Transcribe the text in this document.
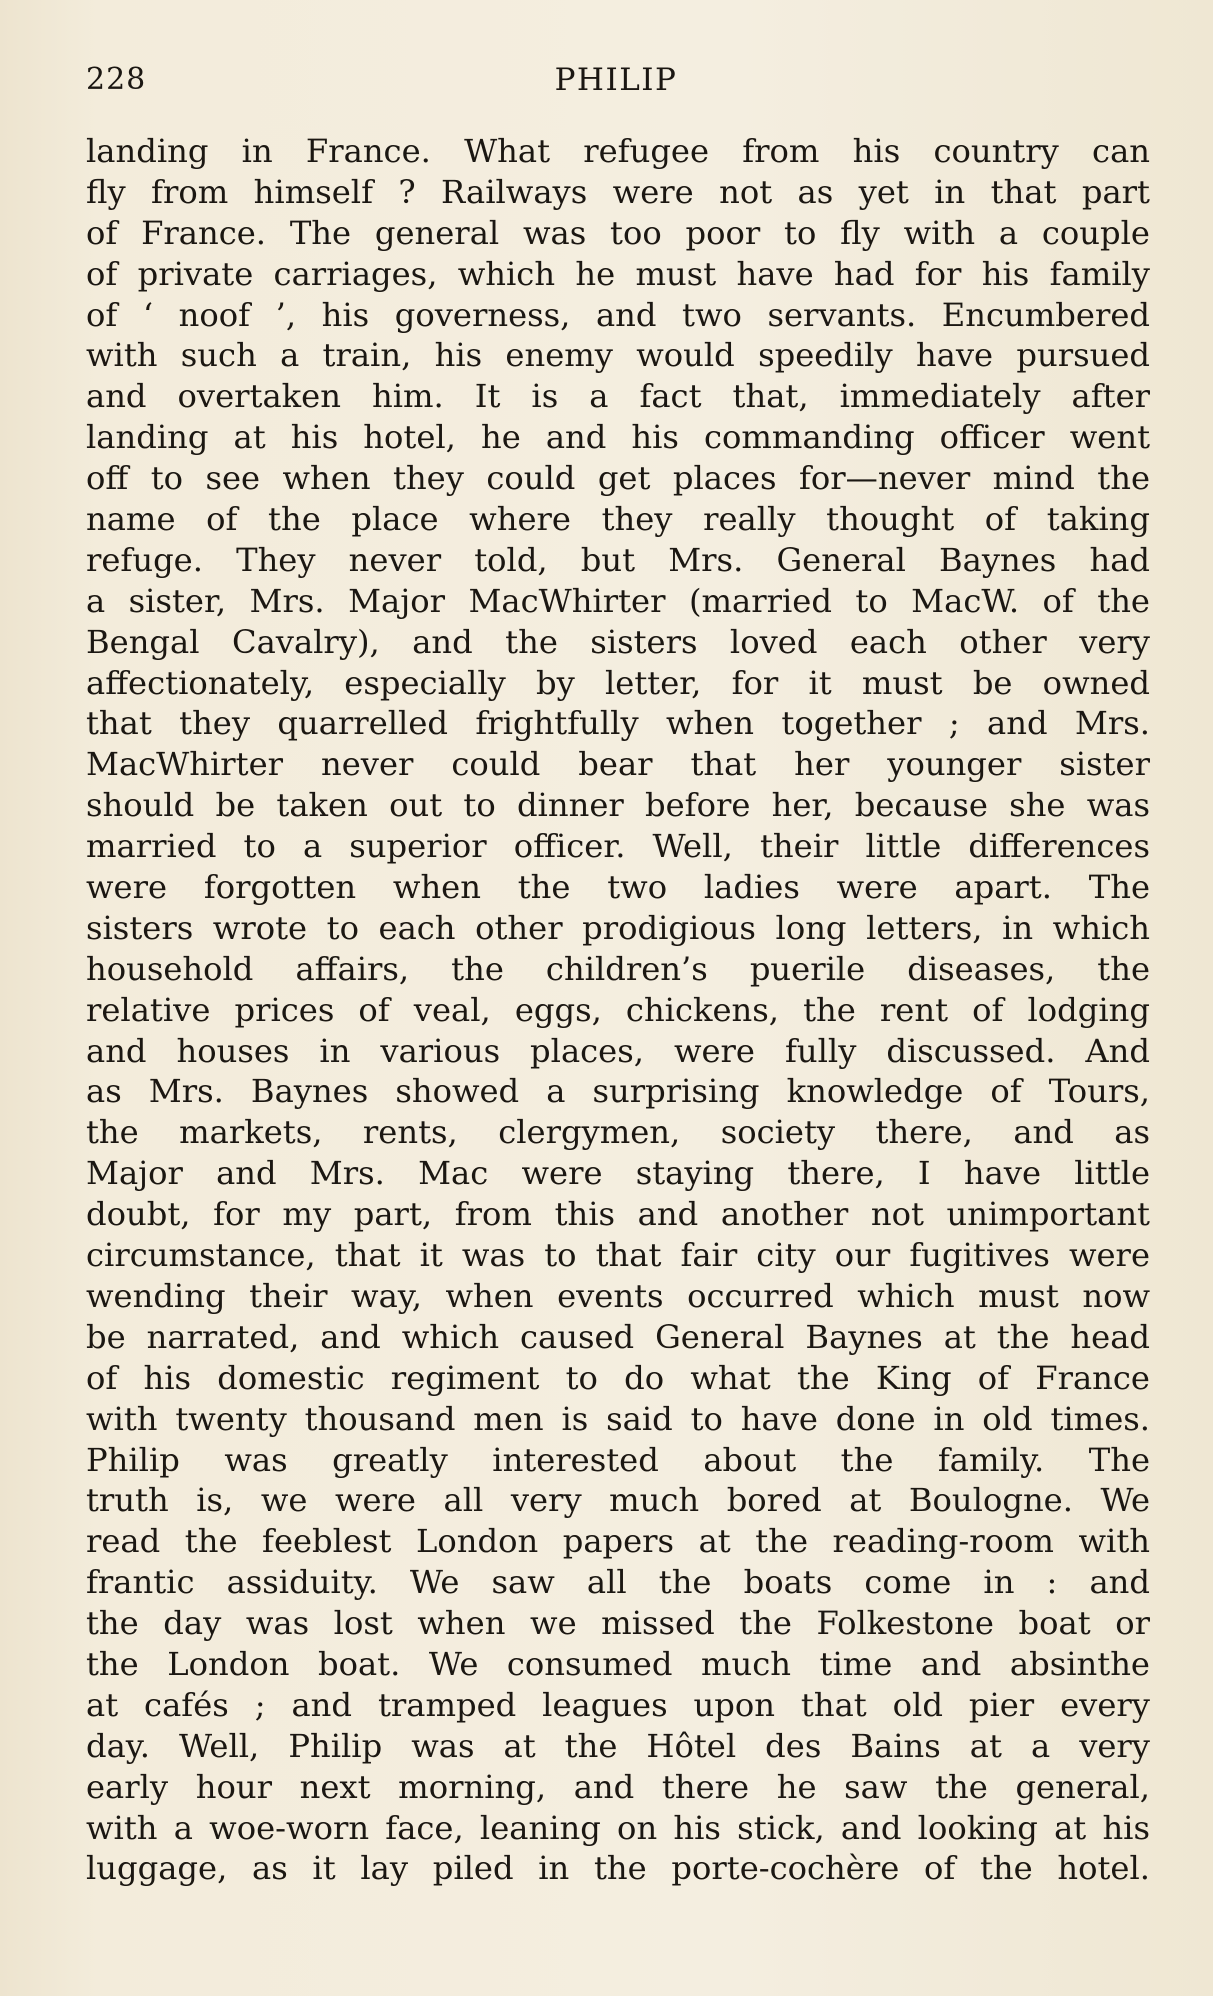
228	PHILIP
landing in France. What refugee from his country can
fly from himself ? Railways were not as yet in that part
of France. The general was too poor to fly with a couple
of private carriages, which he must have had for his family
of ‘ noof ’, his governess, and two servants. Encumbered
with such a train, his enemy would speedily have pursued
and overtaken him. It is a fact that, immediately after
landing at his hotel, he and his commanding officer went
off to see when they could get places for—never mind the
name of the place where they really thought of taking
refuge. They never told, but Mrs. General Baynes had
a sister, Mrs. Major MacWhirter (married to MacW. of the
Bengal Cavalry), and the sisters loved each other very
affectionately, especially by letter, for it must be owned
that they quarrelled frightfully when together ; and Mrs.
MacWhirter never could bear that her younger sister
should be taken out to dinner before her, because she was
married to a superior officer. Well, their little differences
were forgotten when the two ladies were apart. The
sisters wrote to each other prodigious long letters, in which
household affairs, the children’s puerile diseases, the
relative prices of veal, eggs, chickens, the rent of lodging
and houses in various places, were fully discussed. And
as Mrs. Baynes showed a surprising knowledge of Tours,
the markets, rents, clergymen, society there, and as
Major and Mrs. Mac were staying there, I have little
doubt, for my part, from this and another not unimportant
circumstance, that it was to that fair city our fugitives were
wending their way, when events occurred which must now
be narrated, and which caused General Baynes at the head
of his domestic regiment to do what the King of France
with twenty thousand men is said to have done in old times.
Philip was greatly interested about the family. The
truth is, we were all very much bored at Boulogne. We
read the feeblest London papers at the reading-room with
frantic assiduity. We saw all the boats come in : and
the day was lost when we missed the Folkestone boat or
the London boat. We consumed much time and absinthe
at cafés ; and tramped leagues upon that old pier every
day. Well, Philip was at the Hôtel des Bains at a very
early hour next morning, and there he saw the general,
with a woe-worn face, leaning on his stick, and looking at his
luggage, as it lay piled in the porte-cochère of the hotel.
